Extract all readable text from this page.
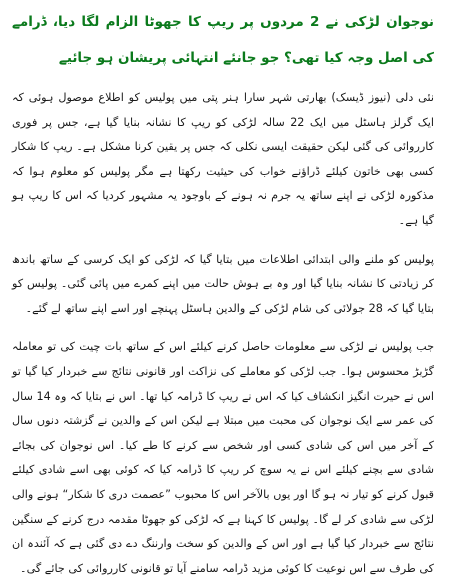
نوجوان لڑکی نے 2 مردوں پر ریپ کا جھوٹا الزام لگا دیا، ڈرامے کی اصل وجہ کیا تھی؟ جو جانئے انتہائی پریشان ہو جائیے

نئی دلی (نیوز ڈیسک) بھارتی شہر سارا ہنر پتی میں پولیس کو اطلاع موصول ہوئی کہ ایک گرلز ہاسٹل میں ایک 22 سالہ لڑکی کو ریپ کا نشانہ بنایا گیا ہے، جس پر فوری کارروائی کی گئی لیکن حقیقت ایسی نکلی کہ جس پر یقین کرنا مشکل ہے۔ ریپ کا شکار کسی بھی خاتون کیلئے ڈراؤنے خواب کی حیثیت رکھتا ہے مگر پولیس کو معلوم ہوا کہ مذکورہ لڑکی نے اپنے ساتھ یہ جرم نہ ہونے کے باوجود یہ مشہور کردیا کہ اس کا ریپ ہو گیا ہے۔

پولیس کو ملنے والی ابتدائی اطلاعات میں بتایا گیا کہ لڑکی کو ایک کرسی کے ساتھ باندھ کر زیادتی کا نشانہ بنایا گیا اور وہ بے ہوش حالت میں اپنے کمرے میں پائی گئی۔ پولیس کو بتایا گیا کہ 28 جولائی کی شام لڑکی کے والدین ہاسٹل پہنچے اور اسے اپنے ساتھ لے گئے۔

جب پولیس نے لڑکی سے معلومات حاصل کرنے کیلئے اس کے ساتھ بات چیت کی تو معاملہ گڑبڑ محسوس ہوا۔ جب لڑکی کو معاملے کی نزاکت اور قانونی نتائج سے خبردار کیا گیا تو اس نے حیرت انگیز انکشاف کیا کہ اس نے ریپ کا ڈرامہ کیا تھا۔ اس نے بتایا کہ وہ 14 سال کی عمر سے ایک نوجوان کی محبت میں مبتلا ہے لیکن اس کے والدین نے گزشتہ دنوں سال کے آخر میں اس کی شادی کسی اور شخص سے کرنے کا طے کیا۔ اس نوجوان کی بجائے شادی سے بچنے کیلئے اس نے یہ سوچ کر ریپ کا ڈرامہ کیا کہ کوئی بھی اسے شادی کیلئے قبول کرنے کو تیار نہ ہو گا اور یوں بالآخر اس کا محبوب ”عصمت دری کا شکار“ ہونے والی لڑکی سے شادی کر لے گا۔ پولیس کا کہنا ہے کہ لڑکی کو جھوٹا مقدمہ درج کرنے کے سنگین نتائج سے خبردار کیا گیا ہے اور اس کے والدین کو سخت وارننگ دے دی گئی ہے کہ آئندہ ان کی طرف سے اس نوعیت کا کوئی مزید ڈرامہ سامنے آیا تو قانونی کارروائی کی جائے گی۔
